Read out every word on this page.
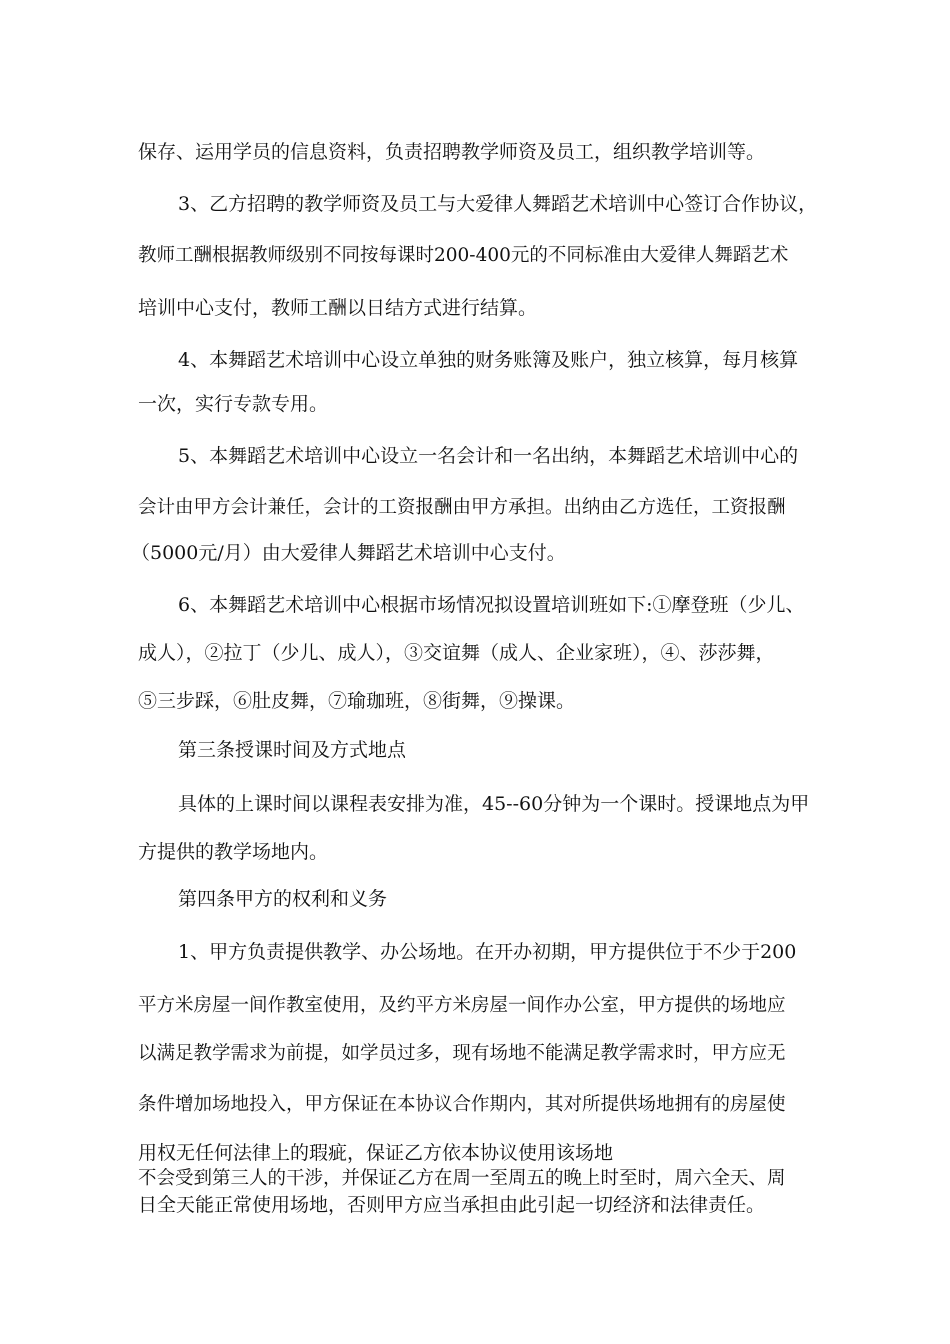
保存、运用学员的信息资料，负责招聘教学师资及员工，组织教学培训等。
3、乙方招聘的教学师资及员工与大爱律人舞蹈艺术培训中心签订合作协议，
教师工酬根据教师级别不同按每课时200-400元的不同标准由大爱律人舞蹈艺术
培训中心支付，教师工酬以日结方式进行结算。
4、本舞蹈艺术培训中心设立单独的财务账簿及账户，独立核算，每月核算
一次，实行专款专用。
5、本舞蹈艺术培训中心设立一名会计和一名出纳，本舞蹈艺术培训中心的
会计由甲方会计兼任，会计的工资报酬由甲方承担。出纳由乙方选任，工资报酬
（5000元/月）由大爱律人舞蹈艺术培训中心支付。
6、本舞蹈艺术培训中心根据市场情况拟设置培训班如下:①摩登班（少儿、
成人），②拉丁（少儿、成人），③交谊舞（成人、企业家班），④、莎莎舞，
⑤三步踩，⑥肚皮舞，⑦瑜珈班，⑧街舞，⑨操课。
第三条授课时间及方式地点
具体的上课时间以课程表安排为准，45--60分钟为一个课时。授课地点为甲
方提供的教学场地内。
第四条甲方的权利和义务
1、甲方负责提供教学、办公场地。在开办初期，甲方提供位于不少于200
平方米房屋一间作教室使用，及约平方米房屋一间作办公室，甲方提供的场地应
以满足教学需求为前提，如学员过多，现有场地不能满足教学需求时，甲方应无
条件增加场地投入，甲方保证在本协议合作期内，其对所提供场地拥有的房屋使
用权无任何法律上的瑕疵，保证乙方依本协议使用该场地
不会受到第三人的干涉，并保证乙方在周一至周五的晚上时至时，周六全天、周
日全天能正常使用场地，否则甲方应当承担由此引起一切经济和法律责任。
